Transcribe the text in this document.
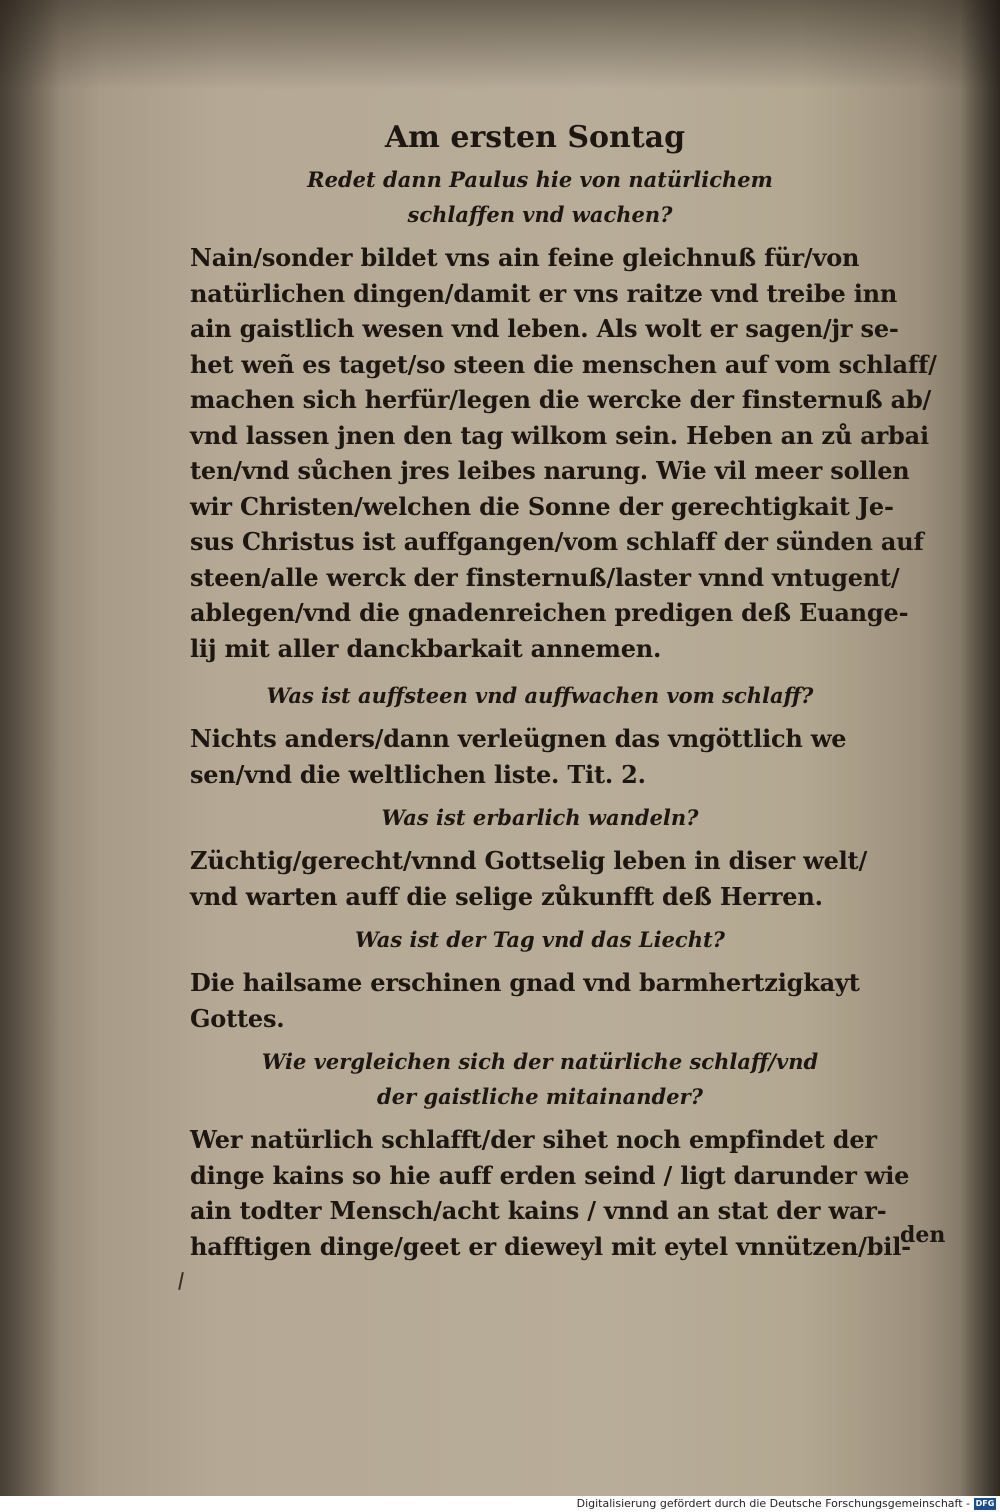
Am ersten Sontag

Redet dann Paulus hie von natürlichem
schlaffen vnd wachen?

Nain/sonder bildet vns ain feine gleichnuß für/von
natürlichen dingen/damit er vns raitze vnd treibe inn
ain gaistlich wesen vnd leben. Als wolt er sagen/jr se-
het weñ es taget/so steen die menschen auf vom schlaff/
machen sich herfür/legen die wercke der finsternuß ab/
vnd lassen jnen den tag wilkom sein. Heben an zů arbai
ten/vnd sůchen jres leibes narung. Wie vil meer sollen
wir Christen/welchen die Sonne der gerechtigkait Je-
sus Christus ist auffgangen/vom schlaff der sünden auf
steen/alle werck der finsternuß/laster vnnd vntugent/
ablegen/vnd die gnadenreichen predigen deß Euange-
lij mit aller danckbarkait annemen.

Was ist auffsteen vnd auffwachen vom schlaff?

Nichts anders/dann verleügnen das vngöttlich we
sen/vnd die weltlichen liste. Tit. 2.

Was ist erbarlich wandeln?

Züchtig/gerecht/vnnd Gottselig leben in diser welt/
vnd warten auff die selige zůkunfft deß Herren.

Was ist der Tag vnd das Liecht?

Die hailsame erschinen gnad vnd barmhertzigkayt
Gottes.

Wie vergleichen sich der natürliche schlaff/vnd
der gaistliche mitainander?

Wer natürlich schlafft/der sihet noch empfindet der
dinge kains so hie auff erden seind / ligt darunder wie
ain todter Mensch/acht kains / vnnd an stat der war-
hafftigen dinge/geet er dieweyl mit eytel vnnützen/bil-

den
Digitalisierung gefördert durch die Deutsche Forschungsgemeinschaft - DFG
